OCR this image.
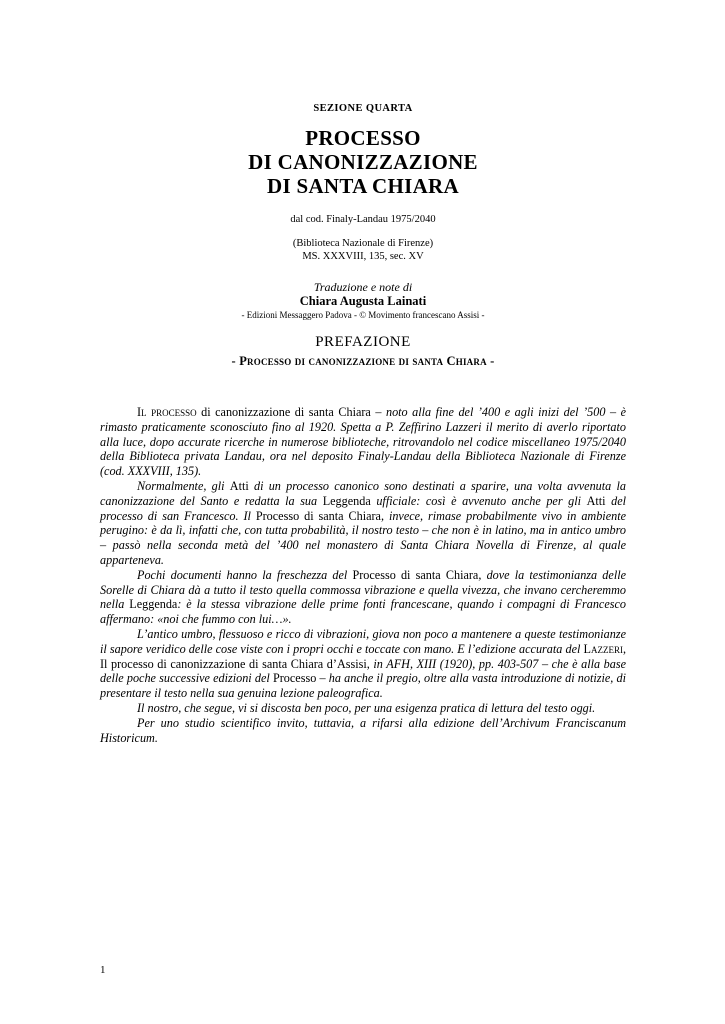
SEZIONE QUARTA
PROCESSO
DI CANONIZZAZIONE
DI SANTA CHIARA
dal cod. Finaly-Landau 1975/2040
(Biblioteca Nazionale di Firenze)
MS. XXXVIII, 135, sec. XV
Traduzione e note di
Chiara Augusta Lainati
- Edizioni Messaggero Padova - © Movimento francescano Assisi -
PREFAZIONE
- Processo di canonizzazione di santa Chiara -

Il processo di canonizzazione di santa Chiara – noto alla fine del ’400 e agli inizi del ’500 – è rimasto praticamente sconosciuto fino al 1920. Spetta a P. Zeffirino Lazzeri il merito di averlo riportato alla luce, dopo accurate ricerche in numerose biblioteche, ritrovandolo nel codice miscellaneo 1975/2040 della Biblioteca privata Landau, ora nel deposito Finaly-Landau della Biblioteca Nazionale di Firenze (cod. XXXVIII, 135).

Normalmente, gli Atti di un processo canonico sono destinati a sparire, una volta avvenuta la canonizzazione del Santo e redatta la sua Leggenda ufficiale: così è avvenuto anche per gli Atti del processo di san Francesco. Il Processo di santa Chiara, invece, rimase probabilmente vivo in ambiente perugino: è da lì, infatti che, con tutta probabilità, il nostro testo – che non è in latino, ma in antico umbro – passò nella seconda metà del ’400 nel monastero di Santa Chiara Novella di Firenze, al quale apparteneva.

Pochi documenti hanno la freschezza del Processo di santa Chiara, dove la testimonianza delle Sorelle di Chiara dà a tutto il testo quella commossa vibrazione e quella vivezza, che invano cercheremmo nella Leggenda: è la stessa vibrazione delle prime fonti francescane, quando i compagni di Francesco affermano: «noi che fummo con lui…».

L’antico umbro, flessuoso e ricco di vibrazioni, giova non poco a mantenere a queste testimonianze il sapore veridico delle cose viste con i propri occhi e toccate con mano. E l’edizione accurata del Lazzeri, Il processo di canonizzazione di santa Chiara d’Assisi, in AFH, XIII (1920), pp. 403-507 – che è alla base delle poche successive edizioni del Processo – ha anche il pregio, oltre alla vasta introduzione di notizie, di presentare il testo nella sua genuina lezione paleografica.

Il nostro, che segue, vi si discosta ben poco, per una esigenza pratica di lettura del testo oggi.

Per uno studio scientifico invito, tuttavia, a rifarsi alla edizione dell’Archivum Franciscanum Historicum.

1
